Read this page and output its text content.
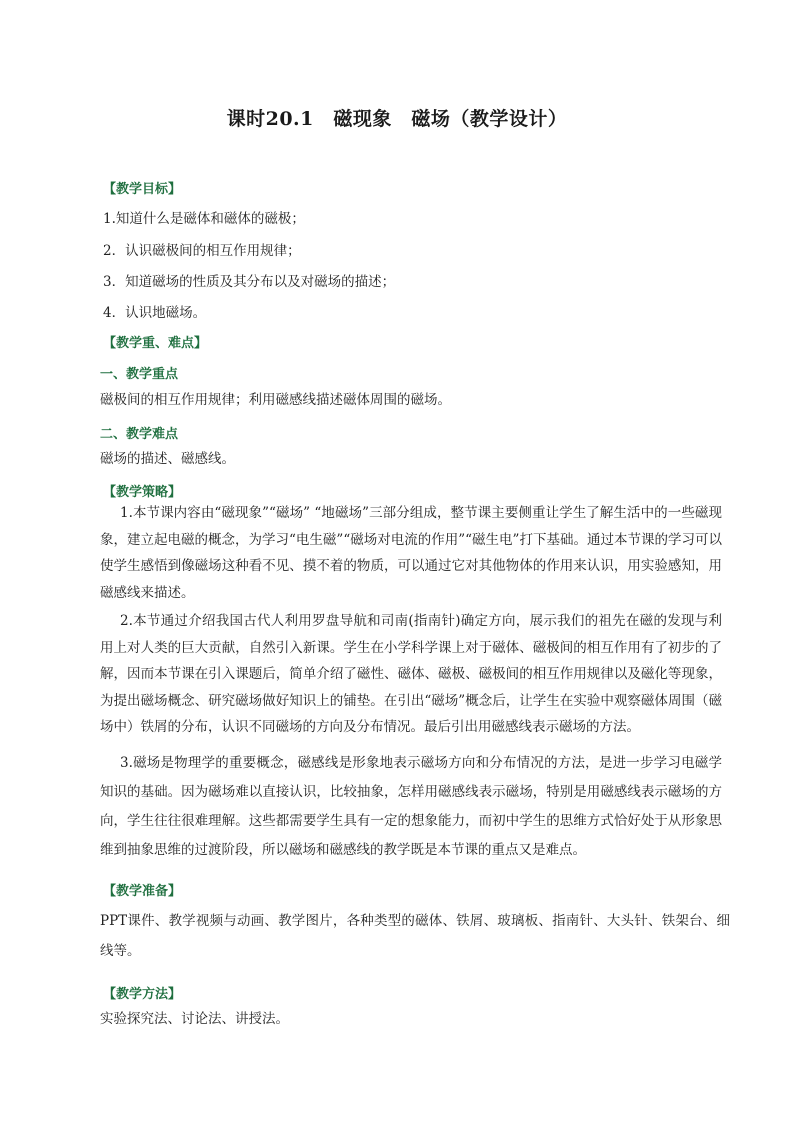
课时20.1　磁现象　磁场（教学设计）

【教学目标】

1.知道什么是磁体和磁体的磁极；

2．认识磁极间的相互作用规律；

3．知道磁场的性质及其分布以及对磁场的描述；

4．认识地磁场。

【教学重、难点】

一、教学重点

磁极间的相互作用规律；利用磁感线描述磁体周围的磁场。

二、教学难点

磁场的描述、磁感线。

【教学策略】

1.本节课内容由“磁现象”“磁场” “地磁场”三部分组成，整节课主要侧重让学生了解生活中的一些磁现象，建立起电磁的概念，为学习“电生磁”“磁场对电流的作用”“磁生电”打下基础。通过本节课的学习可以使学生感悟到像磁场这种看不见、摸不着的物质，可以通过它对其他物体的作用来认识，用实验感知，用磁感线来描述。

2.本节通过介绍我国古代人利用罗盘导航和司南(指南针)确定方向，展示我们的祖先在磁的发现与利用上对人类的巨大贡献，自然引入新课。学生在小学科学课上对于磁体、磁极间的相互作用有了初步的了解，因而本节课在引入课题后，简单介绍了磁性、磁体、磁极、磁极间的相互作用规律以及磁化等现象，为提出磁场概念、研究磁场做好知识上的铺垫。在引出“磁场”概念后，让学生在实验中观察磁体周围（磁场中）铁屑的分布，认识不同磁场的方向及分布情况。最后引出用磁感线表示磁场的方法。

3.磁场是物理学的重要概念，磁感线是形象地表示磁场方向和分布情况的方法，是进一步学习电磁学知识的基础。因为磁场难以直接认识，比较抽象，怎样用磁感线表示磁场，特别是用磁感线表示磁场的方向，学生往往很难理解。这些都需要学生具有一定的想象能力，而初中学生的思维方式恰好处于从形象思维到抽象思维的过渡阶段，所以磁场和磁感线的教学既是本节课的重点又是难点。

【教学准备】

PPT课件、教学视频与动画、教学图片，各种类型的磁体、铁屑、玻璃板、指南针、大头针、铁架台、细线等。

【教学方法】

实验探究法、讨论法、讲授法。
